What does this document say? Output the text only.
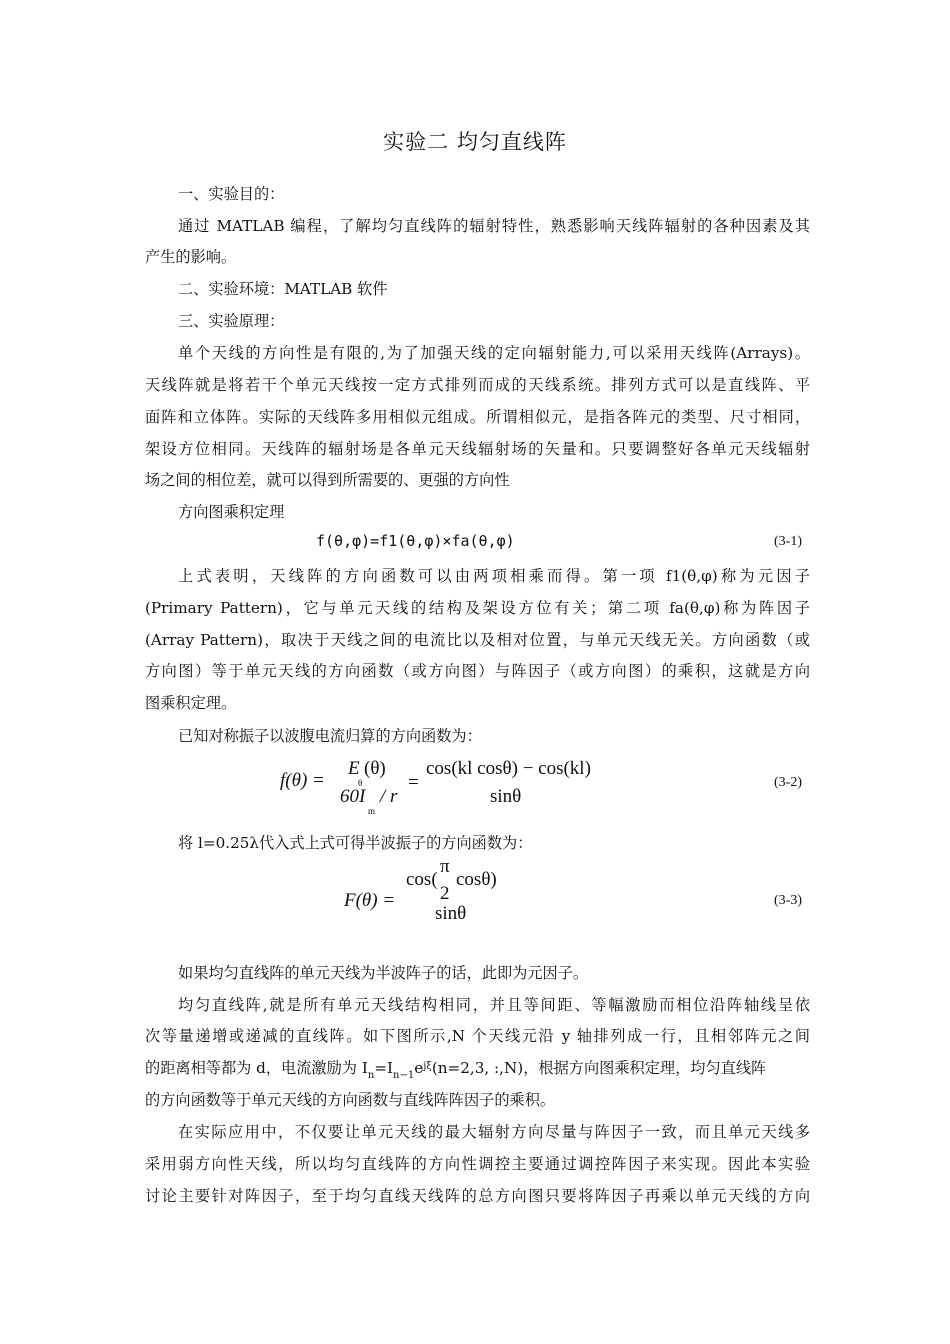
实验二 均匀直线阵
一、实验目的：
通过 MATLAB 编程，了解均匀直线阵的辐射特性，熟悉影响天线阵辐射的各种因素及其
产生的影响。
二、实验环境：MATLAB 软件
三、实验原理：
单个天线的方向性是有限的,为了加强天线的定向辐射能力,可以采用天线阵(Arrays)。
天线阵就是将若干个单元天线按一定方式排列而成的天线系统。排列方式可以是直线阵、平
面阵和立体阵。实际的天线阵多用相似元组成。所谓相似元，是指各阵元的类型、尺寸相同，
架设方位相同。天线阵的辐射场是各单元天线辐射场的矢量和。只要调整好各单元天线辐射
场之间的相位差，就可以得到所需要的、更强的方向性
方向图乘积定理
f(θ,φ)=f1(θ,φ)×fa(θ,φ)	(3-1)
上式表明，天线阵的方向函数可以由两项相乘而得。第一项 f1(θ,φ)称为元因子
(Primary Pattern)，它与单元天线的结构及架设方位有关；第二项 fa(θ,φ)称为阵因子
(Array Pattern)，取决于天线之间的电流比以及相对位置，与单元天线无关。方向函数（或
方向图）等于单元天线的方向函数（或方向图）与阵因子（或方向图）的乘积，这就是方向
图乘积定理。
已知对称振子以波腹电流归算的方向函数为：
f(θ) =
E
θ
(θ)
60I
m
/ r
=
cos(kl cosθ) − cos(kl)
sinθ
(3-2)
将 l=0.25λ代入式上式可得半波振子的方向函数为：
F(θ) =
π
cos(
2
cosθ)
sinθ
(3-3)
如果均匀直线阵的单元天线为半波阵子的话，此即为元因子。
均匀直线阵,就是所有单元天线结构相同，并且等间距、等幅激励而相位沿阵轴线呈依
次等量递增或递减的直线阵。如下图所示,N 个天线元沿 y 轴排列成一行，且相邻阵元之间
的距离相等都为 d，电流激励为 $I_n=I_{n-1}e^{j\xi}(n=2,3$, :,N)，根据方向图乘积定理，均匀直线阵
的方向函数等于单元天线的方向函数与直线阵阵因子的乘积。
在实际应用中，不仅要让单元天线的最大辐射方向尽量与阵因子一致，而且单元天线多
采用弱方向性天线，所以均匀直线阵的方向性调控主要通过调控阵因子来实现。因此本实验
讨论主要针对阵因子，至于均匀直线天线阵的总方向图只要将阵因子再乘以单元天线的方向
